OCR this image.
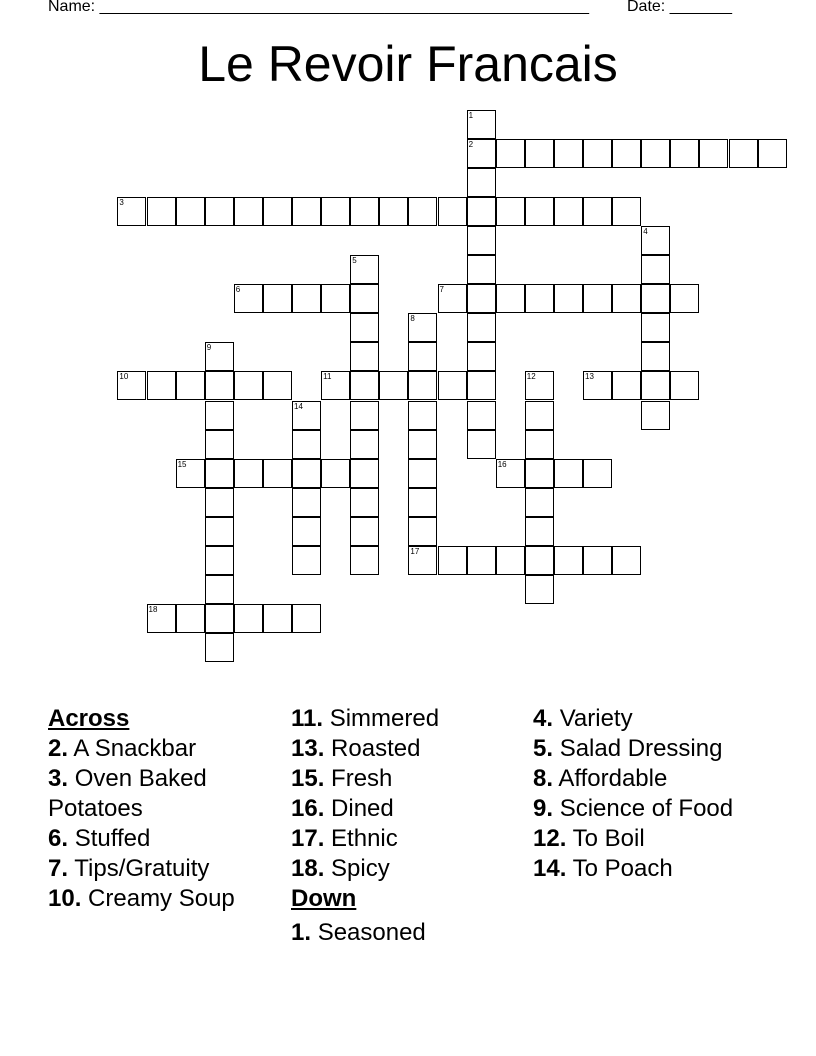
Name: _______________________________________________________ Date: _______
Le Revoir Francais
2
3
6	7
10	11	13
15	16
17
18
1
4
5
8
9
12
14
Across
2. A Snackbar
3. Oven Baked Potatoes
6. Stuffed
7. Tips/Gratuity
10. Creamy Soup
11. Simmered
13. Roasted
15. Fresh
16. Dined
17. Ethnic
18. Spicy
Down
1. Seasoned
4. Variety
5. Salad Dressing
8. Affordable
9. Science of Food
12. To Boil
14. To Poach
